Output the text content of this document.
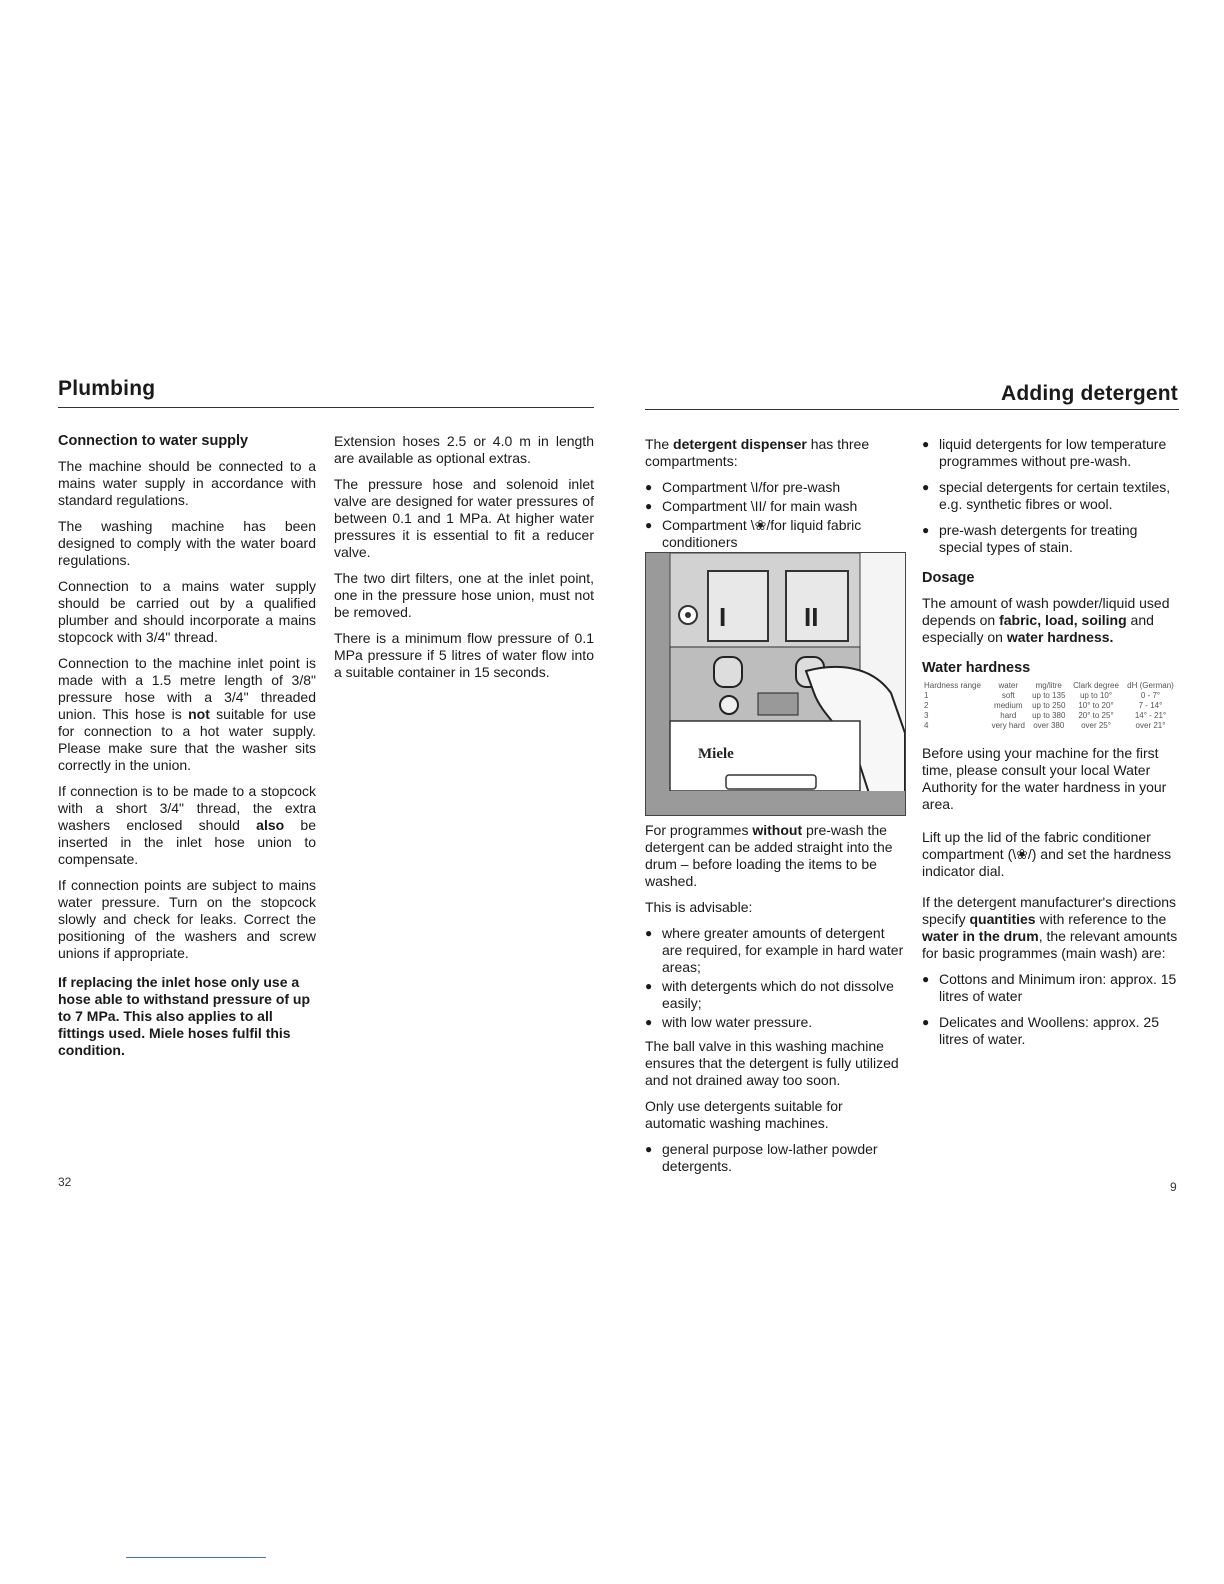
Plumbing
Connection to water supply

The machine should be connected to a mains water supply in accordance with standard regulations.

The washing machine has been designed to comply with the water board regulations.

Connection to a mains water supply should be carried out by a qualified plumber and should incorporate a mains stopcock with 3/4" thread.

Connection to the machine inlet point is made with a 1.5 metre length of 3/8" pressure hose with a 3/4" threaded union. This hose is not suitable for use for connection to a hot water supply. Please make sure that the washer sits correctly in the union.

If connection is to be made to a stopcock with a short 3/4" thread, the extra washers enclosed should also be inserted in the inlet hose union to compensate.

If connection points are subject to mains water pressure. Turn on the stopcock slowly and check for leaks. Correct the positioning of the washers and screw unions if appropriate.

If replacing the inlet hose only use a hose able to withstand pressure of up to 7 MPa. This also applies to all fittings used. Miele hoses fulfil this condition.

Extension hoses 2.5 or 4.0 m in length are available as optional extras.

The pressure hose and solenoid inlet valve are designed for water pressures of between 0.1 and 1 MPa. At higher water pressures it is essential to fit a reducer valve.

The two dirt filters, one at the inlet point, one in the pressure hose union, must not be removed.

There is a minimum flow pressure of 0.1 MPa pressure if 5 litres of water flow into a suitable container in 15 seconds.

32
Adding detergent

The detergent dispenser has three compartments:

● Compartment \I/for pre-wash
● Compartment \II/ for main wash
● Compartment \❀/for liquid fabric conditioners
I	II
Miele

For programmes without pre-wash the detergent can be added straight into the drum – before loading the items to be washed.

This is advisable:

● where greater amounts of detergent are required, for example in hard water areas;
● with detergents which do not dissolve easily;
● with low water pressure.

The ball valve in this washing machine ensures that the detergent is fully utilized and not drained away too soon.

Only use detergents suitable for automatic washing machines.

● general purpose low-lather powder detergents.
● liquid detergents for low temperature programmes without pre-wash.
● special detergents for certain textiles, e.g. synthetic fibres or wool.
● pre-wash detergents for treating special types of stain.
Dosage

The amount of wash powder/liquid used depends on fabric, load, soiling and especially on water hardness.

Water hardness
Hardness range	water	mg/litre	Clark degree	dH (German)
1	soft	up to 135	up to 10°	0 - 7°
2	medium	up to 250	10° to 20°	7 - 14°
3	hard	up to 380	20° to 25°	14° - 21°
4	very hard	over 380	over 25°	over 21°

Before using your machine for the first time, please consult your local Water Authority for the water hardness in your area.

Lift up the lid of the fabric conditioner compartment (\❀/) and set the hardness indicator dial.

If the detergent manufacturer's directions specify quantities with reference to the water in the drum, the relevant amounts for basic programmes (main wash) are:

● Cottons and Minimum iron: approx. 15 litres of water
● Delicates and Woollens: approx. 25 litres of water.
9
